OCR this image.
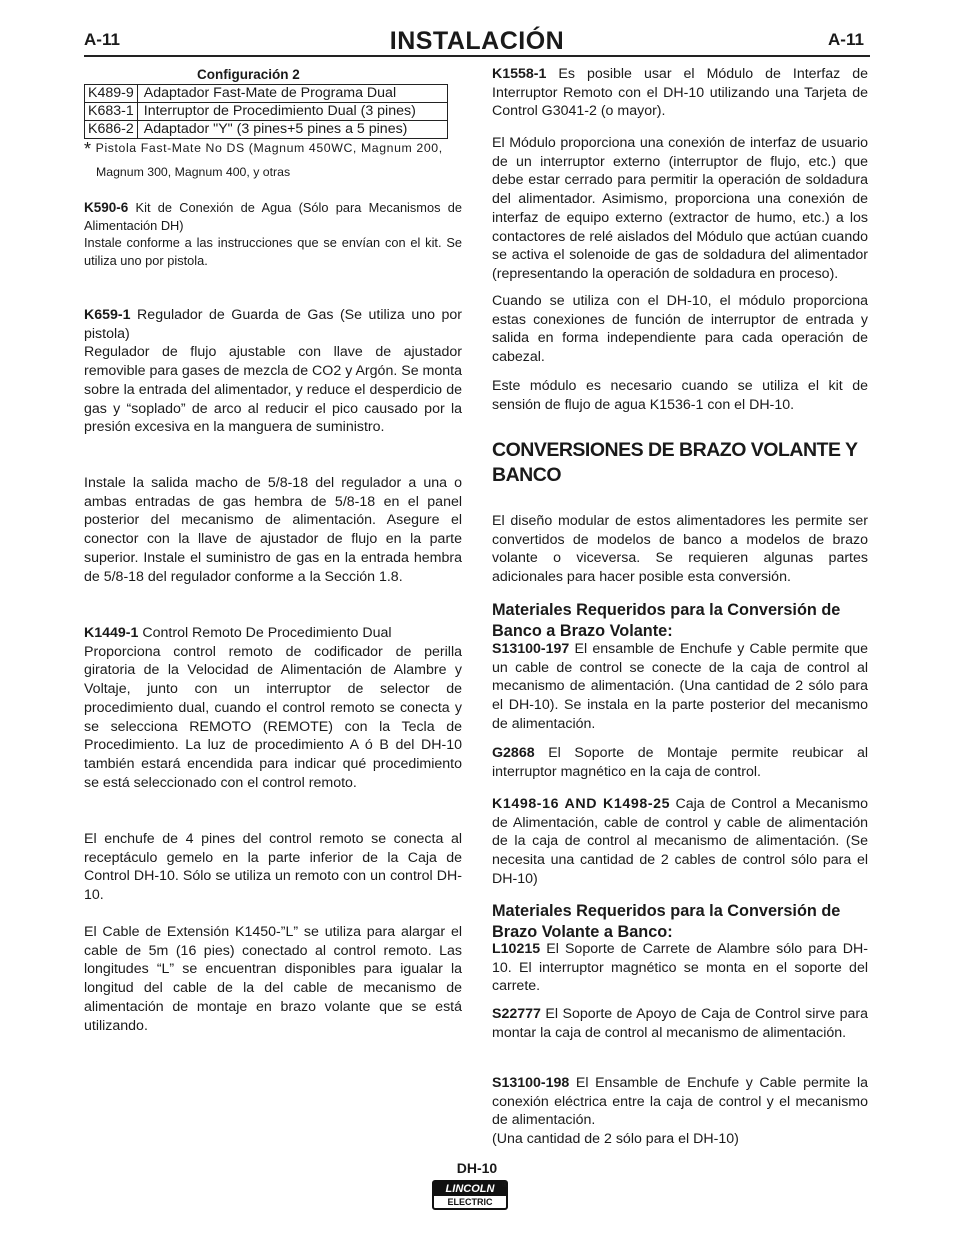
A-11	INSTALACIÓN	A-11
Configuración 2
K489-9	Adaptador Fast-Mate de Programa Dual
K683-1	Interruptor de Procedimiento Dual (3 pines)
K686-2	Adaptador "Y" (3 pines+5 pines a 5 pines)
* Pistola Fast-Mate No DS (Magnum 450WC, Magnum 200,
Magnum 300, Magnum 400, y otras

K590-6 Kit de Conexión de Agua (Sólo para Mecanismos de Alimentación DH)

Instale conforme a las instrucciones que se envían con el kit. Se utiliza uno por pistola.

K659-1 Regulador de Guarda de Gas (Se utiliza uno por pistola)

Regulador de flujo ajustable con llave de ajustador removible para gases de mezcla de CO2 y Argón. Se monta sobre la entrada del alimentador, y reduce el desperdicio de gas y “soplado” de arco al reducir el pico causado por la presión excesiva en la manguera de suministro.

Instale la salida macho de 5/8-18 del regulador a una o ambas entradas de gas hembra de 5/8-18 en el panel posterior del mecanismo de alimentación. Asegure el conector con la llave de ajustador de flujo en la parte superior. Instale el suministro de gas en la entrada hembra de 5/8-18 del regulador conforme a la Sección 1.8.

K1449-1 Control Remoto De Procedimiento Dual

Proporciona control remoto de codificador de perilla giratoria de la Velocidad de Alimentación de Alambre y Voltaje, junto con un interruptor de selector de procedimiento dual, cuando el control remoto se conecta y se selecciona REMOTO (REMOTE) con la Tecla de Procedimiento. La luz de procedimiento A ó B del DH-10 también estará encendida para indicar qué procedimiento se está seleccionado con el control remoto.

El enchufe de 4 pines del control remoto se conecta al receptáculo gemelo en la parte inferior de la Caja de Control DH-10. Sólo se utiliza un remoto con un control DH-10.
El Cable de Extensión K1450-”L” se utiliza para alargar el cable de 5m (16 pies) conectado al control remoto. Las longitudes “L” se encuentran disponibles para igualar la longitud del cable de la del cable de mecanismo de alimentación de montaje en brazo volante que se está utilizando.
K1558-1 Es posible usar el Módulo de Interfaz de Interruptor Remoto con el DH-10 utilizando una Tarjeta de Control G3041-2 (o mayor).
El Módulo proporciona una conexión de interfaz de usuario de un interruptor externo (interruptor de flujo, etc.) que debe estar cerrado para permitir la operación de soldadura del alimentador. Asimismo, proporciona una conexión de interfaz de equipo externo (extractor de humo, etc.) a los contactores de relé aislados del Módulo que actúan cuando se activa el solenoide de gas de soldadura del alimentador (representando la operación de soldadura en proceso).
Cuando se utiliza con el DH-10, el módulo proporciona estas conexiones de función de interruptor de entrada y salida en forma independiente para cada operación de cabezal.
Este módulo es necesario cuando se utiliza el kit de sensión de flujo de agua K1536-1 con el DH-10.
CONVERSIONES DE BRAZO VOLANTE Y BANCO
El diseño modular de estos alimentadores les permite ser convertidos de modelos de banco a modelos de brazo volante o viceversa. Se requieren algunas partes adicionales para hacer posible esta conversión.
Materiales Requeridos para la Conversión de Banco a Brazo Volante:
S13100-197 El ensamble de Enchufe y Cable permite que un cable de control se conecte de la caja de control al mecanismo de alimentación. (Una cantidad de 2 sólo para el DH-10). Se instala en la parte posterior del mecanismo de alimentación.
G2868 El Soporte de Montaje permite reubicar al interruptor magnético en la caja de control.
K1498-16 AND K1498-25 Caja de Control a Mecanismo de Alimentación, cable de control y cable de alimentación de la caja de control al mecanismo de alimentación. (Se necesita una cantidad de 2 cables de control sólo para el DH-10)
Materiales Requeridos para la Conversión de Brazo Volante a Banco:
L10215 El Soporte de Carrete de Alambre sólo para DH-10. El interruptor magnético se monta en el soporte del carrete.
S22777 El Soporte de Apoyo de Caja de Control sirve para montar la caja de control al mecanismo de alimentación.

S13100-198 El Ensamble de Enchufe y Cable permite la conexión eléctrica entre la caja de control y el mecanismo de alimentación.

(Una cantidad de 2 sólo para el DH-10)

DH-10
LINCOLN
ELECTRIC
®
